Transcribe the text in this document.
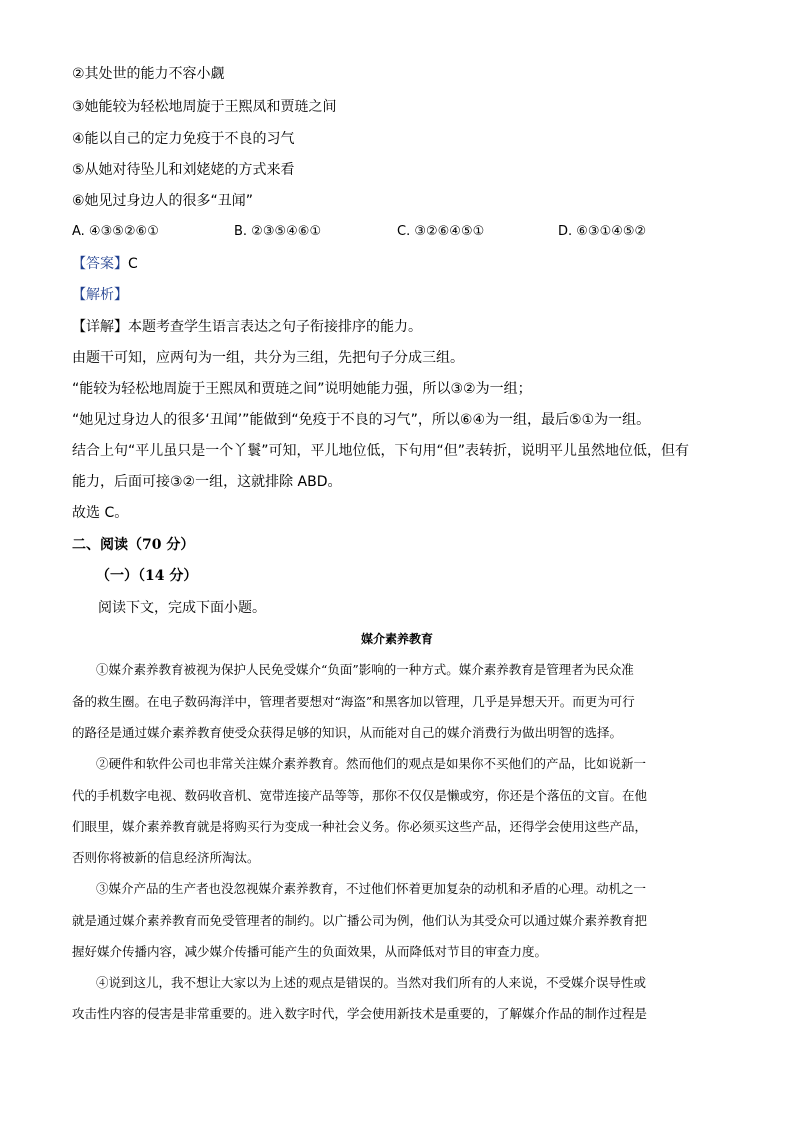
②其处世的能力不容小觑
③她能较为轻松地周旋于王熙凤和贾琏之间
④能以自己的定力免疫于不良的习气
⑤从她对待坠儿和刘姥姥的方式来看
⑥她见过身边人的很多“丑闻”
A. ④③⑤②⑥①	B. ②③⑤④⑥①	C. ③②⑥④⑤①	D. ⑥③①④⑤②
【答案】C
【解析】
【详解】本题考查学生语言表达之句子衔接排序的能力。
由题干可知，应两句为一组，共分为三组，先把句子分成三组。
“能较为轻松地周旋于王熙凤和贾琏之间”说明她能力强，所以③②为一组；
“她见过身边人的很多‘丑闻’”能做到“免疫于不良的习气”，所以⑥④为一组，最后⑤①为一组。
结合上句“平儿虽只是一个丫鬟”可知，平儿地位低，下句用“但”表转折，说明平儿虽然地位低，但有
能力，后面可接③②一组，这就排除 ABD。
故选 C。
二、阅读（70 分）
（一）（14 分）
阅读下文，完成下面小题。
媒介素养教育
①媒介素养教育被视为保护人民免受媒介“负面”影响的一种方式。媒介素养教育是管理者为民众准
备的救生圈。在电子数码海洋中，管理者要想对“海盗”和黑客加以管理，几乎是异想天开。而更为可行
的路径是通过媒介素养教育使受众获得足够的知识，从而能对自己的媒介消费行为做出明智的选择。
②硬件和软件公司也非常关注媒介素养教育。然而他们的观点是如果你不买他们的产品，比如说新一
代的手机数字电视、数码收音机、宽带连接产品等等，那你不仅仅是懒或穷，你还是个落伍的文盲。在他
们眼里，媒介素养教育就是将购买行为变成一种社会义务。你必须买这些产品，还得学会使用这些产品，
否则你将被新的信息经济所淘汰。
③媒介产品的生产者也没忽视媒介素养教育，不过他们怀着更加复杂的动机和矛盾的心理。动机之一
就是通过媒介素养教育而免受管理者的制约。以广播公司为例，他们认为其受众可以通过媒介素养教育把
握好媒介传播内容，减少媒介传播可能产生的负面效果，从而降低对节目的审查力度。
④说到这儿，我不想让大家以为上述的观点是错误的。当然对我们所有的人来说，不受媒介误导性或
攻击性内容的侵害是非常重要的。进入数字时代，学会使用新技术是重要的，了解媒介作品的制作过程是
